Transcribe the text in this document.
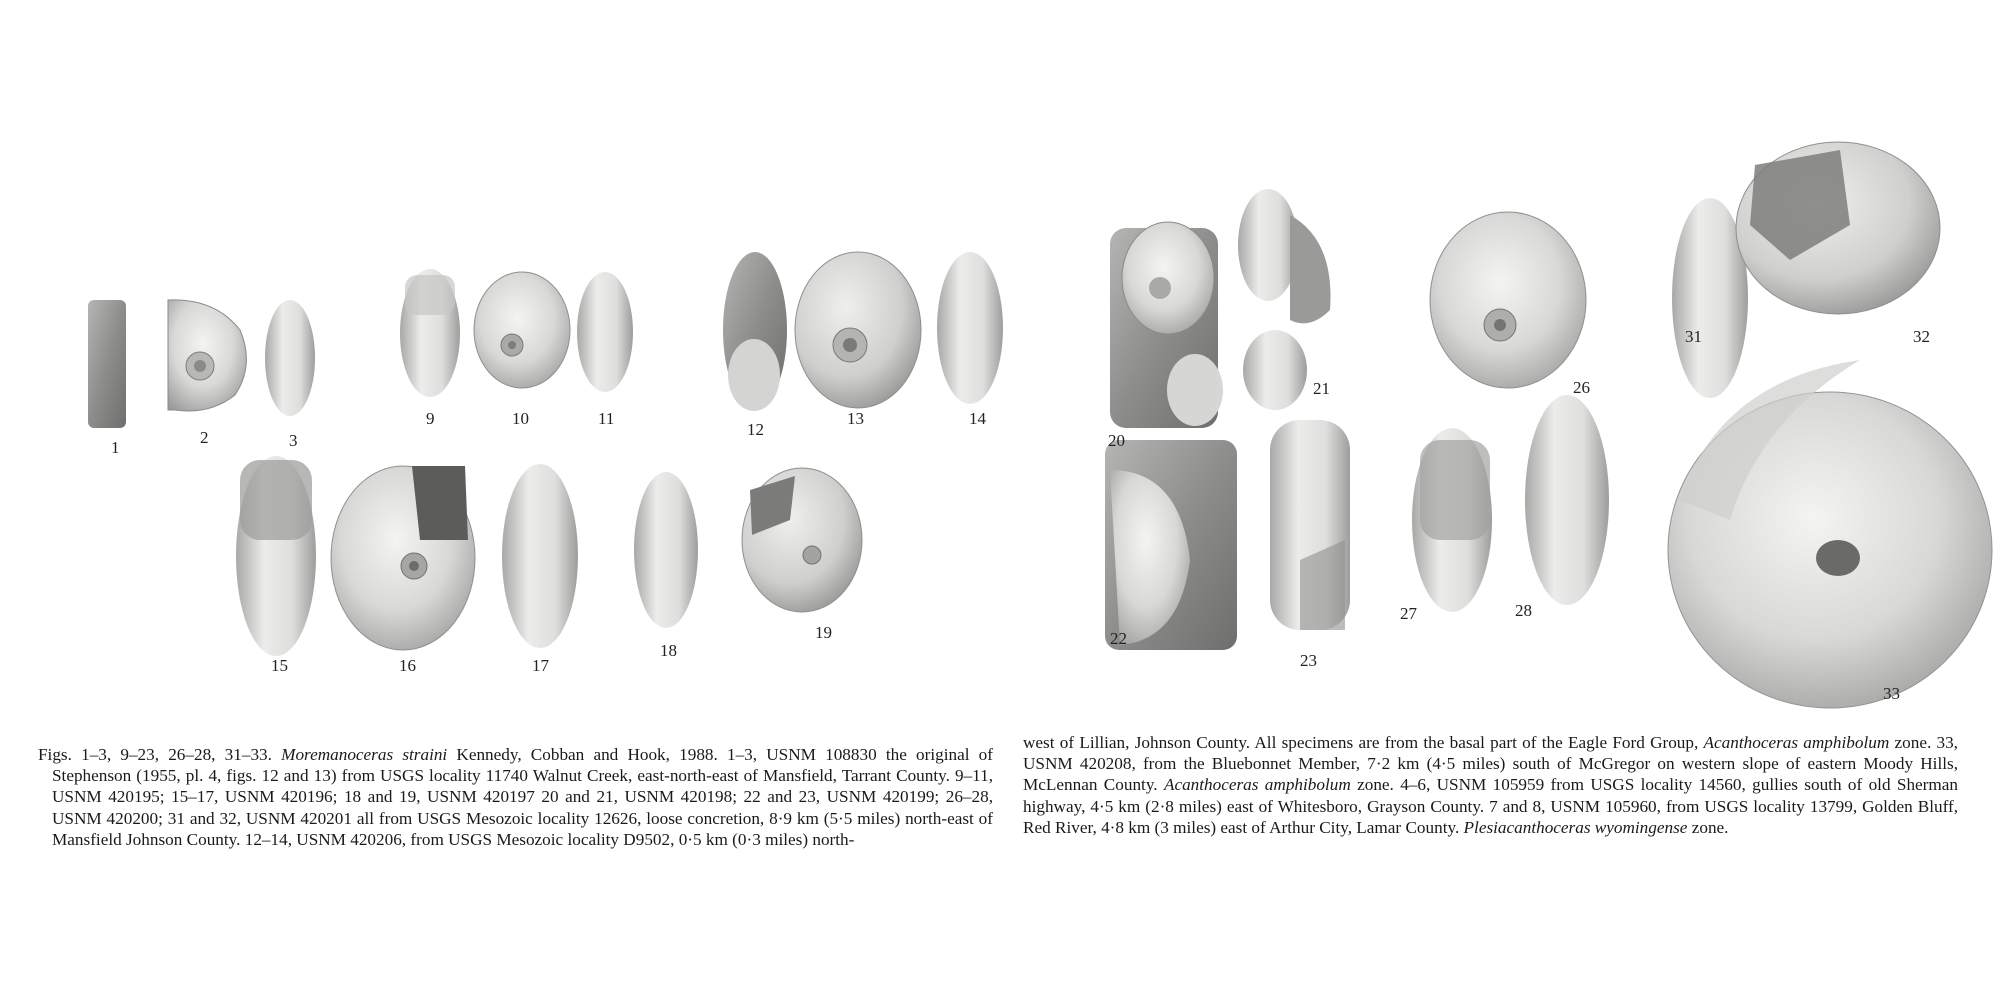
1
2	3
9	10	11
12
13	14
15	16	17
18
19
20
21
22
23
26
27	28
31	32
33

Figs. 1–3, 9–23, 26–28, 31–33. Moremanoceras straini Kennedy, Cobban and Hook, 1988. 1–3, USNM 108830 the original of Stephenson (1955, pl. 4, figs. 12 and 13) from USGS locality 11740 Walnut Creek, east-north-east of Mansfield, Tarrant County. 9–11, USNM 420195; 15–17, USNM 420196; 18 and 19, USNM 420197 20 and 21, USNM 420198; 22 and 23, USNM 420199; 26–28, USNM 420200; 31 and 32, USNM 420201 all from USGS Mesozoic locality 12626, loose concretion, 8·9 km (5·5 miles) north-east of Mansfield Johnson County. 12–14, USNM 420206, from USGS Mesozoic locality D9502, 0·5 km (0·3 miles) north-

west of Lillian, Johnson County. All specimens are from the basal part of the Eagle Ford Group, Acanthoceras amphibolum zone. 33, USNM 420208, from the Bluebonnet Member, 7·2 km (4·5 miles) south of McGregor on western slope of eastern Moody Hills, McLennan County. Acanthoceras amphibolum zone. 4–6, USNM 105959 from USGS locality 14560, gullies south of old Sherman highway, 4·5 km (2·8 miles) east of Whitesboro, Grayson County. 7 and 8, USNM 105960, from USGS locality 13799, Golden Bluff, Red River, 4·8 km (3 miles) east of Arthur City, Lamar County. Plesiacanthoceras wyomingense zone.
